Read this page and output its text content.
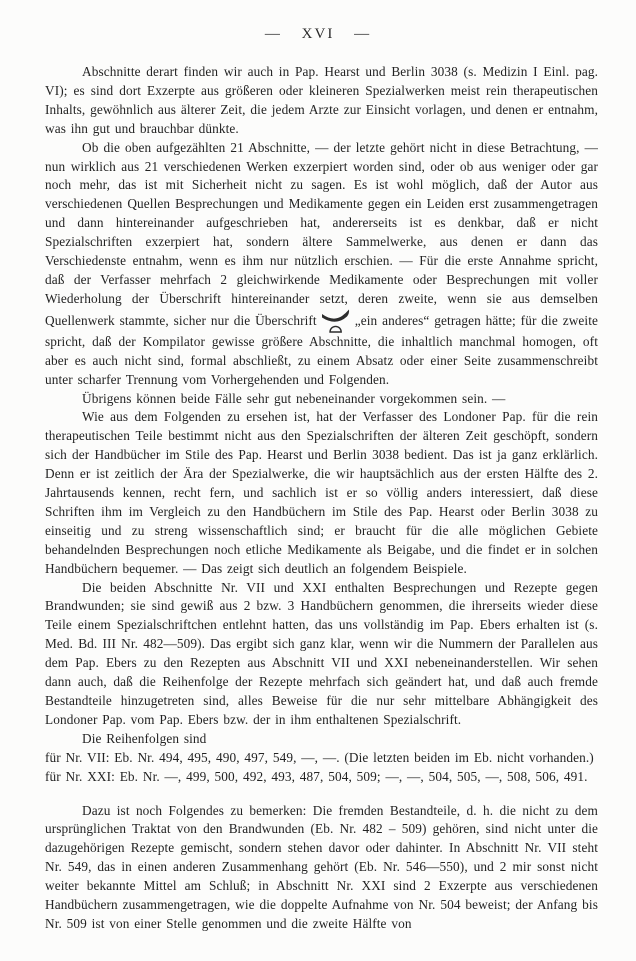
— XVI —

Abschnitte derart finden wir auch in Pap. Hearst und Berlin 3038 (s. Medizin I Einl. pag. VI); es sind dort Exzerpte aus größeren oder kleineren Spezialwerken meist rein therapeutischen Inhalts, gewöhnlich aus älterer Zeit, die jedem Arzte zur Einsicht vorlagen, und denen er entnahm, was ihn gut und brauchbar dünkte.

Ob die oben aufgezählten 21 Abschnitte, — der letzte gehört nicht in diese Betrachtung, — nun wirklich aus 21 verschiedenen Werken exzerpiert worden sind, oder ob aus weniger oder gar noch mehr, das ist mit Sicherheit nicht zu sagen. Es ist wohl möglich, daß der Autor aus verschiedenen Quellen Besprechungen und Medikamente gegen ein Leiden erst zusammengetragen und dann hintereinander aufgeschrieben hat, andererseits ist es denkbar, daß er nicht Spezialschriften exzerpiert hat, sondern ältere Sammelwerke, aus denen er dann das Verschiedenste entnahm, wenn es ihm nur nützlich erschien. — Für die erste Annahme spricht, daß der Verfasser mehrfach 2 gleichwirkende Medikamente oder Besprechungen mit voller Wiederholung der Überschrift hintereinander setzt, deren zweite, wenn sie aus demselben Quellenwerk stammte, sicher nur die Überschrift	„ein anderes“ getragen hätte; für die zweite spricht, daß der Kompilator gewisse größere Abschnitte, die inhaltlich manchmal homogen, oft aber es auch nicht sind, formal abschließt, zu einem Absatz oder einer Seite zusammenschreibt unter scharfer Trennung vom Vorhergehenden und Folgenden.

Übrigens können beide Fälle sehr gut nebeneinander vorgekommen sein. —

Wie aus dem Folgenden zu ersehen ist, hat der Verfasser des Londoner Pap. für die rein therapeutischen Teile bestimmt nicht aus den Spezialschriften der älteren Zeit geschöpft, sondern sich der Handbücher im Stile des Pap. Hearst und Berlin 3038 bedient. Das ist ja ganz erklärlich. Denn er ist zeitlich der Ära der Spezialwerke, die wir hauptsächlich aus der ersten Hälfte des 2. Jahrtausends kennen, recht fern, und sachlich ist er so völlig anders interessiert, daß diese Schriften ihm im Vergleich zu den Handbüchern im Stile des Pap. Hearst oder Berlin 3038 zu einseitig und zu streng wissenschaftlich sind; er braucht für die alle möglichen Gebiete behandelnden Besprechungen noch etliche Medikamente als Beigabe, und die findet er in solchen Handbüchern bequemer. — Das zeigt sich deutlich an folgendem Beispiele.

Die beiden Abschnitte Nr. VII und XXI enthalten Besprechungen und Rezepte gegen Brandwunden; sie sind gewiß aus 2 bzw. 3 Handbüchern genommen, die ihrerseits wieder diese Teile einem Spezialschriftchen entlehnt hatten, das uns vollständig im Pap. Ebers erhalten ist (s. Med. Bd. III Nr. 482—509). Das ergibt sich ganz klar, wenn wir die Nummern der Parallelen aus dem Pap. Ebers zu den Rezepten aus Abschnitt VII und XXI nebeneinanderstellen. Wir sehen dann auch, daß die Reihenfolge der Rezepte mehrfach sich geändert hat, und daß auch fremde Bestandteile hinzugetreten sind, alles Beweise für die nur sehr mittelbare Abhängigkeit des Londoner Pap. vom Pap. Ebers bzw. der in ihm enthaltenen Spezialschrift.

Die Reihenfolgen sind

für Nr. VII: Eb. Nr. 494, 495, 490, 497, 549, —, —. (Die letzten beiden im Eb. nicht vorhanden.)

für Nr. XXI: Eb. Nr. —, 499, 500, 492, 493, 487, 504, 509; —, —, 504, 505, —, 508, 506, 491.

Dazu ist noch Folgendes zu bemerken: Die fremden Bestandteile, d. h. die nicht zu dem ursprünglichen Traktat von den Brandwunden (Eb. Nr. 482 – 509) gehören, sind nicht unter die dazugehörigen Rezepte gemischt, sondern stehen davor oder dahinter. In Abschnitt Nr. VII steht Nr. 549, das in einen anderen Zusammenhang gehört (Eb. Nr. 546—550), und 2 mir sonst nicht weiter bekannte Mittel am Schluß; in Abschnitt Nr. XXI sind 2 Exzerpte aus verschiedenen Handbüchern zusammengetragen, wie die doppelte Aufnahme von Nr. 504 beweist; der Anfang bis Nr. 509 ist von einer Stelle genommen und die zweite Hälfte von
